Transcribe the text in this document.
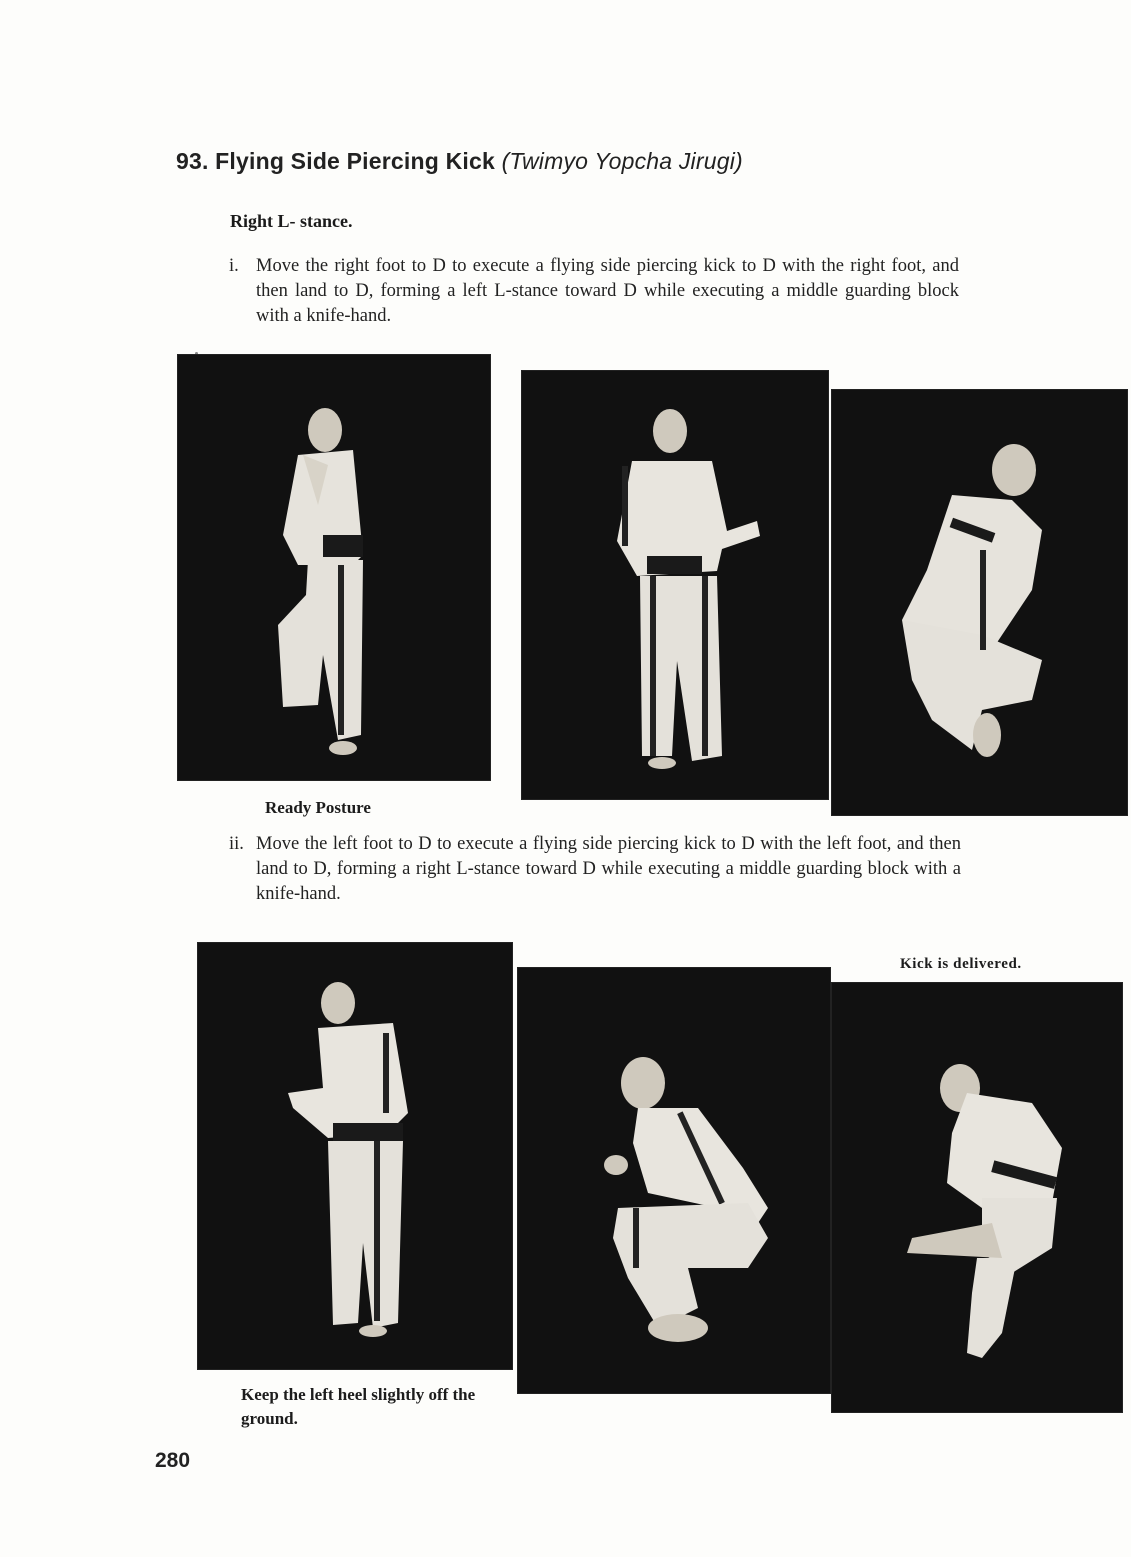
93. Flying Side Piercing Kick (Twimyo Yopcha Jirugi)
Right L- stance.
i. Move the right foot to D to execute a flying side piercing kick to D with the right foot, and then land to D, forming a left L-stance toward D while executing a middle guarding block with a knife-hand.
Ready Posture
ii. Move the left foot to D to execute a flying side piercing kick to D with the left foot, and then land to D, forming a right L-stance toward D while executing a middle guarding block with a knife-hand.
Kick is delivered.
Keep the left heel slightly off the ground.
280
